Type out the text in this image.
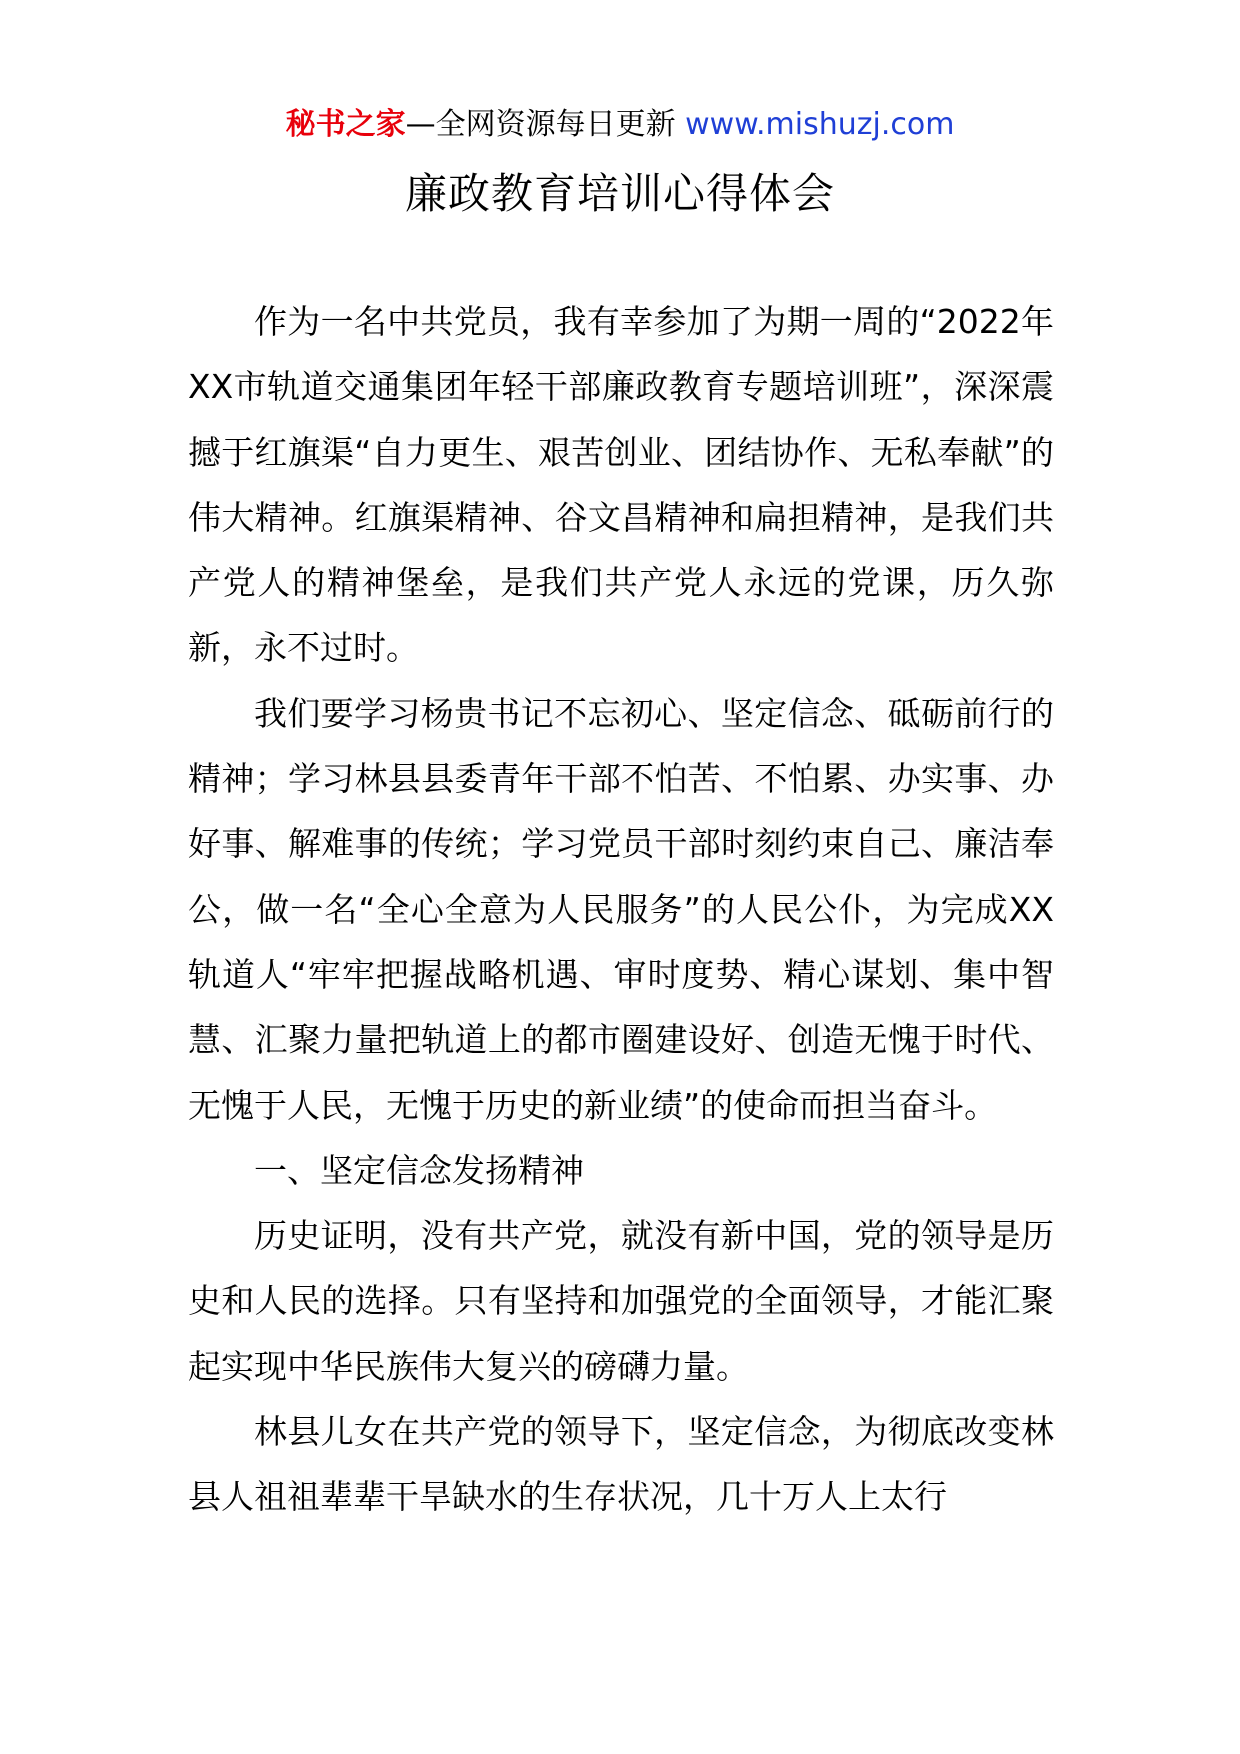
秘书之家—全网资源每日更新 www.mishuzj.com
廉政教育培训心得体会

作为一名中共党员，我有幸参加了为期一周的“2022年XX市轨道交通集团年轻干部廉政教育专题培训班”，深深震撼于红旗渠“自力更生、艰苦创业、团结协作、无私奉献”的伟大精神。红旗渠精神、谷文昌精神和扁担精神，是我们共产党人的精神堡垒，是我们共产党人永远的党课，历久弥新，永不过时。

我们要学习杨贵书记不忘初心、坚定信念、砥砺前行的精神；学习林县县委青年干部不怕苦、不怕累、办实事、办好事、解难事的传统；学习党员干部时刻约束自己、廉洁奉公，做一名“全心全意为人民服务”的人民公仆，为完成XX轨道人“牢牢把握战略机遇、审时度势、精心谋划、集中智慧、汇聚力量把轨道上的都市圈建设好、创造无愧于时代、无愧于人民，无愧于历史的新业绩”的使命而担当奋斗。

一、坚定信念发扬精神

历史证明，没有共产党，就没有新中国，党的领导是历史和人民的选择。只有坚持和加强党的全面领导，才能汇聚起实现中华民族伟大复兴的磅礴力量。

林县儿女在共产党的领导下，坚定信念，为彻底改变林县人祖祖辈辈干旱缺水的生存状况，几十万人上太行
